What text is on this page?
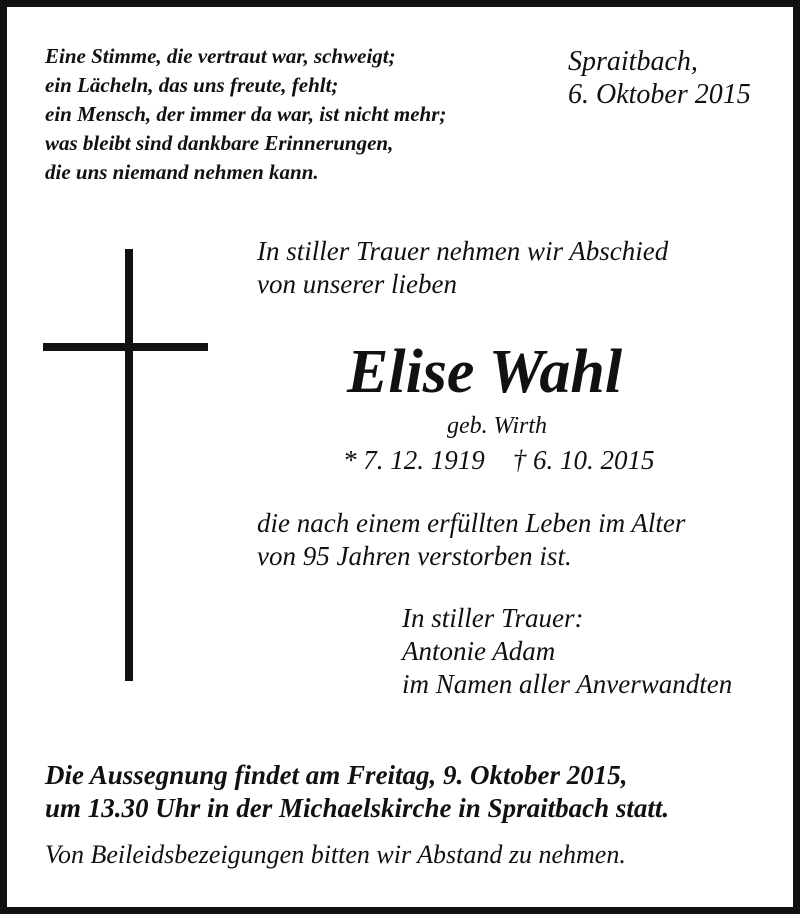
Eine Stimme, die vertraut war, schweigt;
ein Lächeln, das uns freute, fehlt;
ein Mensch, der immer da war, ist nicht mehr;
was bleibt sind dankbare Erinnerungen,
die uns niemand nehmen kann.
Spraitbach,
6. Oktober 2015
In stiller Trauer nehmen wir Abschied
von unserer lieben
Elise Wahl
geb. Wirth
* 7. 12. 1919 † 6. 10. 2015
die nach einem erfüllten Leben im Alter
von 95 Jahren verstorben ist.
In stiller Trauer:
Antonie Adam
im Namen aller Anverwandten
Die Aussegnung findet am Freitag, 9. Oktober 2015,
um 13.30 Uhr in der Michaelskirche in Spraitbach statt.
Von Beileidsbezeigungen bitten wir Abstand zu nehmen.
